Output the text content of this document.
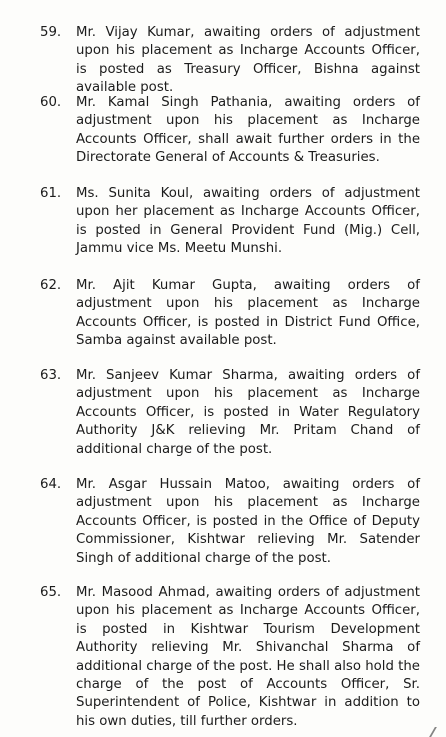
59.	Mr. Vijay Kumar, awaiting orders of adjustment upon his placement as Incharge Accounts Officer, is posted as Treasury Officer, Bishna against available post.
60.	Mr. Kamal Singh Pathania, awaiting orders of adjustment upon his placement as Incharge Accounts Officer, shall await further orders in the Directorate General of Accounts & Treasuries.
61.	Ms. Sunita Koul, awaiting orders of adjustment upon her placement as Incharge Accounts Officer, is posted in General Provident Fund (Mig.) Cell, Jammu vice Ms. Meetu Munshi.
62.	Mr. Ajit Kumar Gupta, awaiting orders of adjustment upon his placement as Incharge Accounts Officer, is posted in District Fund Office, Samba against available post.
63.	Mr. Sanjeev Kumar Sharma, awaiting orders of adjustment upon his placement as Incharge Accounts Officer, is posted in Water Regulatory Authority J&K relieving Mr. Pritam Chand of additional charge of the post.
64.	Mr. Asgar Hussain Matoo, awaiting orders of adjustment upon his placement as Incharge Accounts Officer, is posted in the Office of Deputy Commissioner, Kishtwar relieving Mr. Satender Singh of additional charge of the post.
65.	Mr. Masood Ahmad, awaiting orders of adjustment upon his placement as Incharge Accounts Officer, is posted in Kishtwar Tourism Development Authority relieving Mr. Shivanchal Sharma of additional charge of the post. He shall also hold the charge of the post of Accounts Officer, Sr. Superintendent of Police, Kishtwar in addition to his own duties, till further orders.
